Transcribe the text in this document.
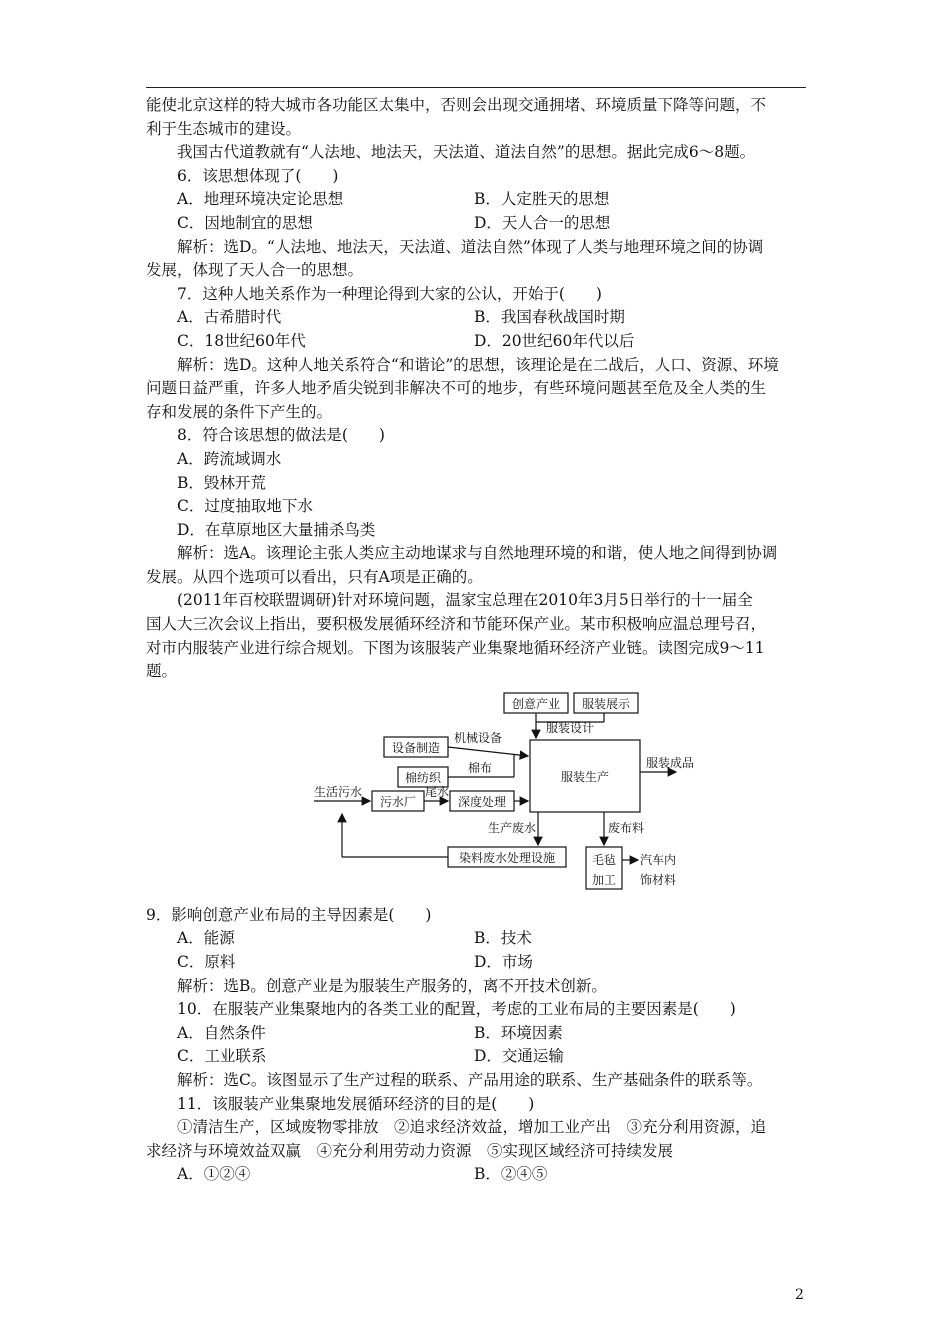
能使北京这样的特大城市各功能区太集中，否则会出现交通拥堵、环境质量下降等问题，不

利于生态城市的建设。

我国古代道教就有“人法地、地法天，天法道、道法自然”的思想。据此完成6～8题。

6．该思想体现了(　　)

A．地理环境决定论思想	B．人定胜天的思想
C．因地制宜的思想	D．天人合一的思想

解析：选D。“人法地、地法天，天法道、道法自然”体现了人类与地理环境之间的协调

发展，体现了天人合一的思想。

7．这种人地关系作为一种理论得到大家的公认，开始于(　　)

A．古希腊时代	B．我国春秋战国时期
C．18世纪60年代	D．20世纪60年代以后

解析：选D。这种人地关系符合“和谐论”的思想，该理论是在二战后，人口、资源、环境

问题日益严重，许多人地矛盾尖锐到非解决不可的地步，有些环境问题甚至危及全人类的生

存和发展的条件下产生的。

8．符合该思想的做法是(　　)

A．跨流域调水

B．毁林开荒

C．过度抽取地下水

D．在草原地区大量捕杀鸟类

解析：选A。该理论主张人类应主动地谋求与自然地理环境的和谐，使人地之间得到协调

发展。从四个选项可以看出，只有A项是正确的。

(2011年百校联盟调研)针对环境问题，温家宝总理在2010年3月5日举行的十一届全

国人大三次会议上指出，要积极发展循环经济和节能环保产业。某市积极响应温总理号召，

对市内服装产业进行综合规划。下图为该服装产业集聚地循环经济产业链。读图完成9～11

题。

创意产业 服装展示
服装设计
设备制造
机械设备
棉纺织
棉布
服装生产
服装成品
生活污水
污水厂
尾水
深度处理
生产废水	废布料
染料废水处理设施	毛毡
加工
汽车内
饰材料

9．影响创意产业布局的主导因素是(　　)

A．能源	B．技术
C．原料	D．市场

解析：选B。创意产业是为服装生产服务的，离不开技术创新。

10．在服装产业集聚地内的各类工业的配置，考虑的工业布局的主要因素是(　　)

A．自然条件	B．环境因素
C．工业联系	D．交通运输

解析：选C。该图显示了生产过程的联系、产品用途的联系、生产基础条件的联系等。

11．该服装产业集聚地发展循环经济的目的是(　　)

①清洁生产，区域废物零排放　②追求经济效益，增加工业产出　③充分利用资源，追

求经济与环境效益双赢　④充分利用劳动力资源　⑤实现区域经济可持续发展

A．①②④	B．②④⑤
2
